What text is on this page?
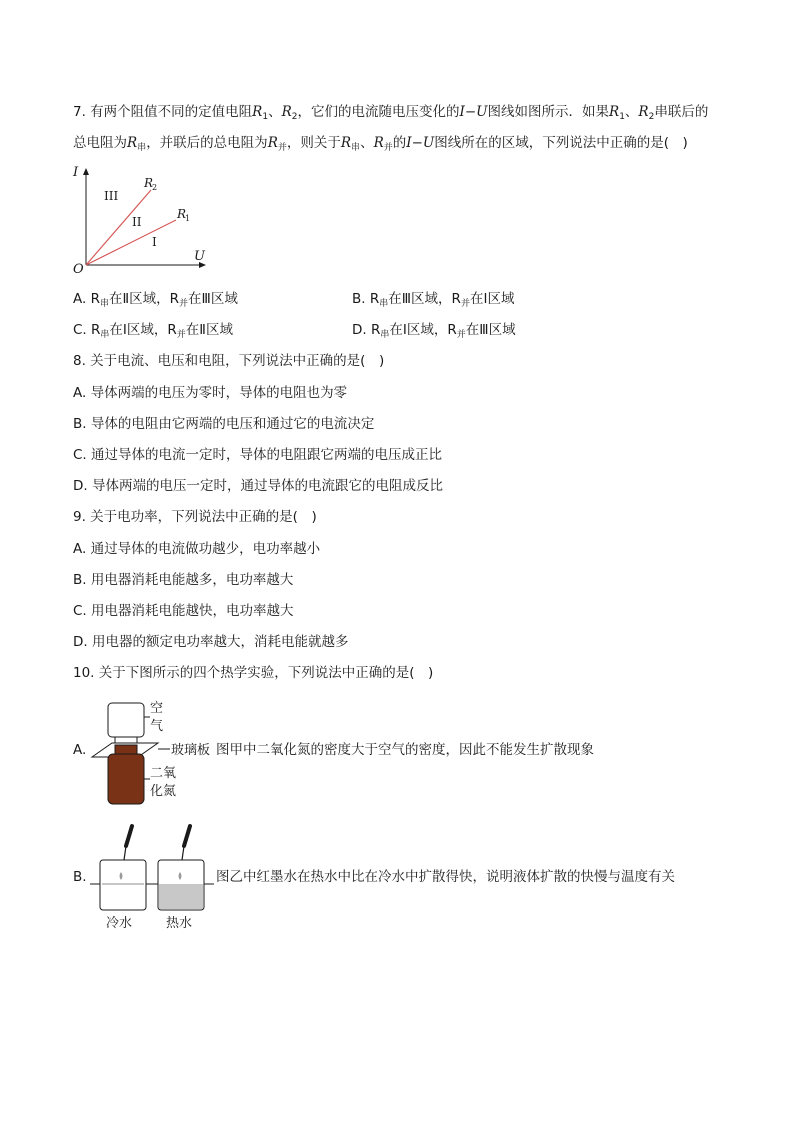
7. 有两个阻值不同的定值电阻$R_1$、$R_2$，它们的电流随电压变化的I−U图线如图所示．如果$R_1$、$R_2$串联后的
总电阻为$R_串$，并联后的总电阻为$R_并$，则关于$R_串$、$R_并$的I−U图线所在的区域，下列说法中正确的是(　)
I
U
O
R
2
R
1
III
II
I
A. $R_串$在Ⅱ区域，$R_并$在Ⅲ区域	B. $R_串$在Ⅲ区域，$R_并$在Ⅰ区域
C. $R_串$在Ⅰ区域，$R_并$在Ⅱ区域	D. $R_串$在Ⅰ区域，$R_并$在Ⅲ区域
8. 关于电流、电压和电阻，下列说法中正确的是(　)
A. 导体两端的电压为零时，导体的电阻也为零
B. 导体的电阻由它两端的电压和通过它的电流决定
C. 通过导体的电流一定时，导体的电阻跟它两端的电压成正比
D. 导体两端的电压一定时，通过导体的电流跟它的电阻成反比
9. 关于电功率，下列说法中正确的是(　)
A. 通过导体的电流做功越少，电功率越小
B. 用电器消耗电能越多，电功率越大
C. 用电器消耗电能越快，电功率越大
D. 用电器的额定电功率越大，消耗电能就越多
10. 关于下图所示的四个热学实验，下列说法中正确的是(　)
A.
空
气
玻璃板
二氧
化氮
图甲中二氧化氮的密度大于空气的密度，因此不能发生扩散现象
B.
冷水	热水
图乙中红墨水在热水中比在冷水中扩散得快，说明液体扩散的快慢与温度有关
